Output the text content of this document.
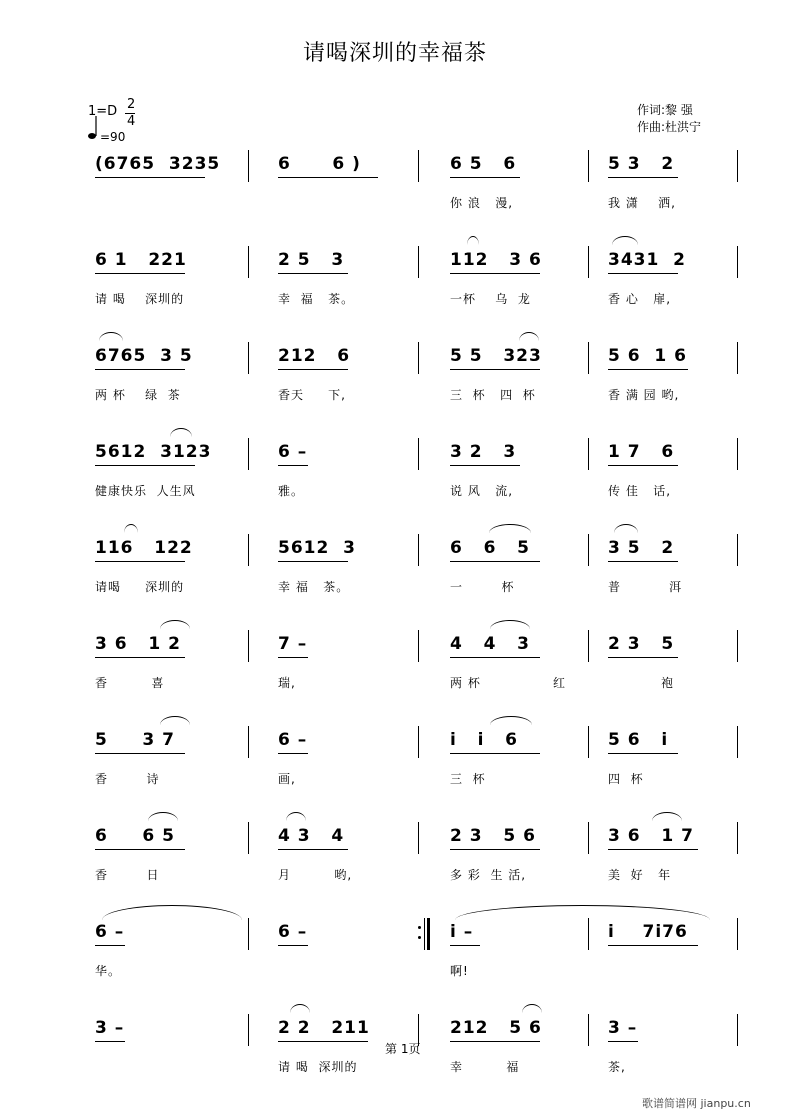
请喝深圳的幸福茶
1=D 2
4
=90
作词:黎 强
作曲:杜洪宁
(6765  3235	6      6 )	6 5   6
你 浪   漫,
5 3   2
我 潇    洒,
6 1   221
请 喝    深圳的
2 5   3
幸  福   茶。
112   3 6
一杯    乌  龙
3431  2
香 心   扉,
6765  3 5
两 杯    绿  茶
212   6
香天     下,
5 5   323
三  杯   四  杯
5 6  1 6
香 满 园 哟,
5612  3123
健康快乐  人生风
6 –
雅。
3 2   3
说 风   流,
1 7   6
传 佳   话,
116   122
请喝     深圳的
5612  3
幸 福   茶。
6   6   5
一        杯
3 5   2
普          洱
3 6   1 2
香         喜
7 –
瑞,
4   4   3
两 杯               红
2 3   5
袍
5     3 7
香        诗
6 –
画,
i   i   6
三  杯
5 6   i
四  杯
6     6 5
香        日
4 3   4
月         哟,
2 3   5 6
多 彩  生 活,
3 6   1 7
美  好   年
6 –
华。
6 –	i –
啊!
i    7i76
3 –	2 2   211
请 喝  深圳的
212   5 6
幸         福
3 –
茶,
第 1页
歌谱简谱网 jianpu.cn
